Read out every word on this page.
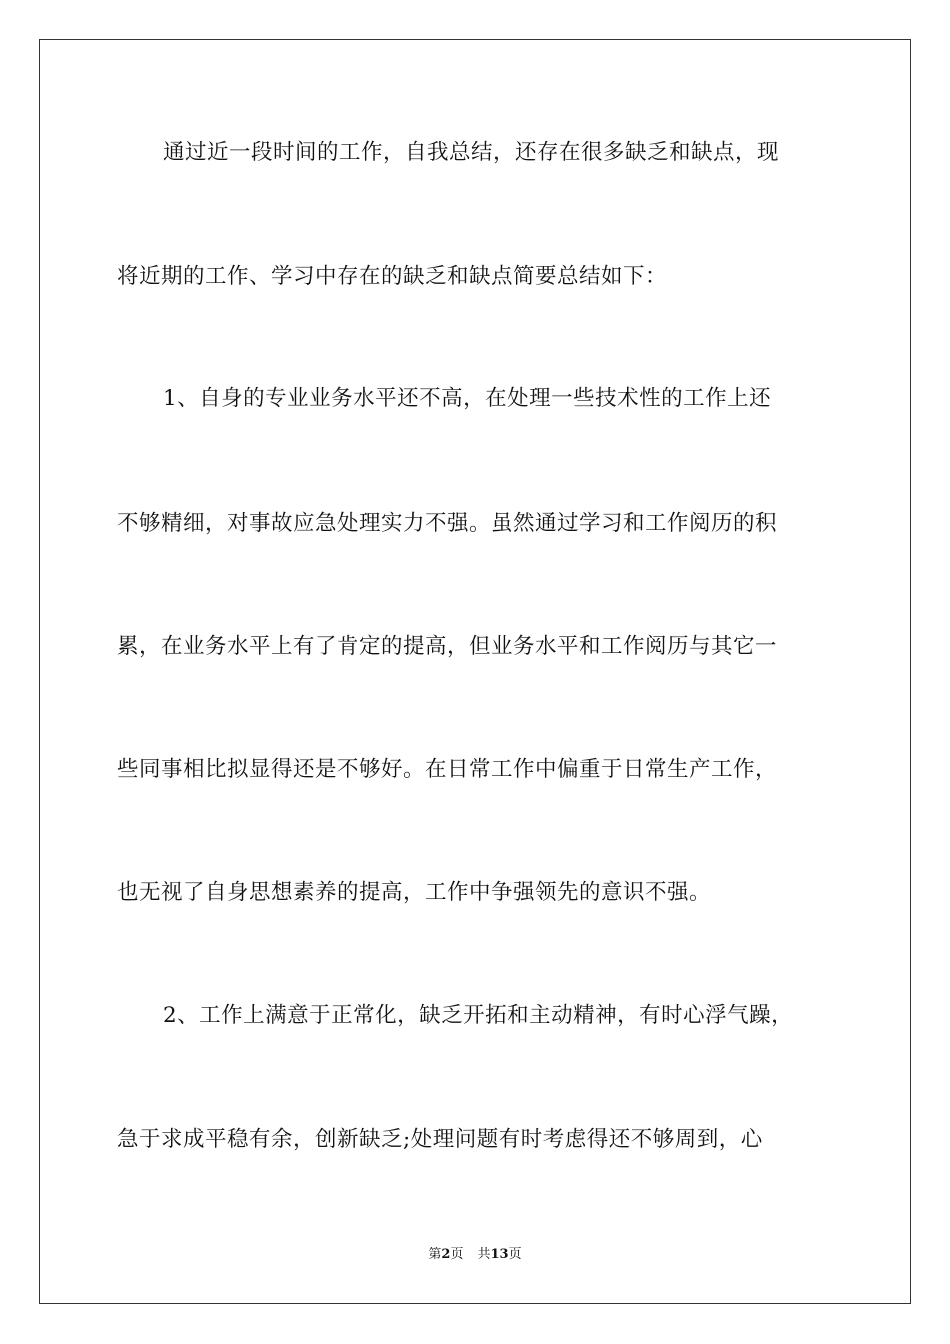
通过近一段时间的工作，自我总结，还存在很多缺乏和缺点，现
将近期的工作、学习中存在的缺乏和缺点简要总结如下：
1、自身的专业业务水平还不高，在处理一些技术性的工作上还
不够精细，对事故应急处理实力不强。虽然通过学习和工作阅历的积
累，在业务水平上有了肯定的提高，但业务水平和工作阅历与其它一
些同事相比拟显得还是不够好。在日常工作中偏重于日常生产工作，
也无视了自身思想素养的提高，工作中争强领先的意识不强。
2、工作上满意于正常化，缺乏开拓和主动精神，有时心浮气躁，
急于求成平稳有余，创新缺乏;处理问题有时考虑得还不够周到，心
第2页 共13页
